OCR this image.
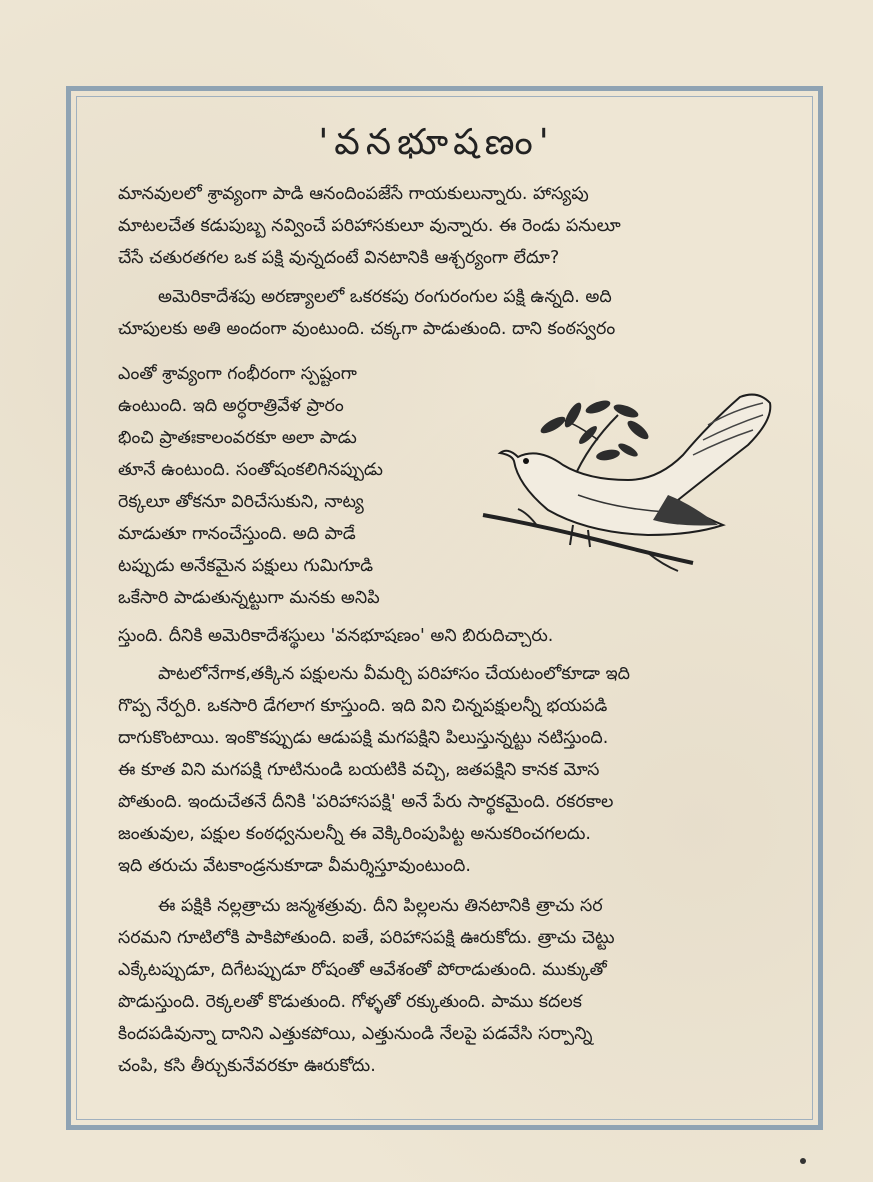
'వనభూషణం'
మానవులలో శ్రావ్యంగా పాడి ఆనందింపజేసే గాయకులున్నారు. హాస్యపు
మాటలచేత కడుపుబ్బ నవ్వించే పరిహాసకులూ వున్నారు. ఈ రెండు పనులూ
చేసే చతురతగల ఒక పక్షి వున్నదంటే వినటానికి ఆశ్చర్యంగా లేదూ?
అమెరికాదేశపు అరణ్యాలలో ఒకరకపు రంగురంగుల పక్షి ఉన్నది. అది
చూపులకు అతి అందంగా వుంటుంది. చక్కగా పాడుతుంది. దాని కంఠస్వరం
ఎంతో శ్రావ్యంగా గంభీరంగా స్పష్టంగా
ఉంటుంది. ఇది అర్ధరాత్రివేళ ప్రారం
భించి ప్రాతఃకాలంవరకూ అలా పాడు
తూనే ఉంటుంది. సంతోషంకలిగినప్పుడు
రెక్కలూ తోకనూ విరిచేసుకుని, నాట్య
మాడుతూ గానంచేస్తుంది. అది పాడే
టప్పుడు అనేకమైన పక్షులు గుమిగూడి
ఒకేసారి పాడుతున్నట్టుగా మనకు అనిపి
స్తుంది. దీనికి అమెరికాదేశస్థులు 'వనభూషణం' అని బిరుదిచ్చారు.
పాటలోనేగాక,తక్కిన పక్షులను వీమర్చి పరిహాసం చేయటంలోకూడా ఇది
గొప్ప నేర్పరి. ఒకసారి డేగలాగ కూస్తుంది. ఇది విని చిన్నపక్షులన్నీ భయపడి
దాగుకొంటాయి. ఇంకొకప్పుడు ఆడుపక్షి మగపక్షిని పిలుస్తున్నట్టు నటిస్తుంది.
ఈ కూత విని మగపక్షి గూటినుండి బయటికి వచ్చి, జతపక్షిని కానక మోస
పోతుంది. ఇందుచేతనే దీనికి 'పరిహాసపక్షి' అనే పేరు సార్థకమైంది. రకరకాల
జంతువుల, పక్షుల కంఠధ్వనులన్నీ ఈ వెక్కిరింపుపిట్ట అనుకరించగలదు.
ఇది తరుచు వేటకాండ్రనుకూడా వీమర్శిస్తూవుంటుంది.
ఈ పక్షికి నల్లత్రాచు జన్మశత్రువు. దీని పిల్లలను తినటానికి త్రాచు సర
సరమని గూటిలోకి పాకిపోతుంది. ఐతే, పరిహాసపక్షి ఊరుకోదు. త్రాచు చెట్టు
ఎక్కేటప్పుడూ, దిగేటప్పుడూ రోషంతో ఆవేశంతో పోరాడుతుంది. ముక్కుతో
పొడుస్తుంది. రెక్కలతో కొడుతుంది. గోళ్ళతో రక్కుతుంది. పాము కదలక
కిందపడివున్నా దానిని ఎత్తుకపోయి, ఎత్తునుండి నేలపై పడవేసి సర్పాన్ని
చంపి, కసి తీర్చుకునేవరకూ ఊరుకోదు.
